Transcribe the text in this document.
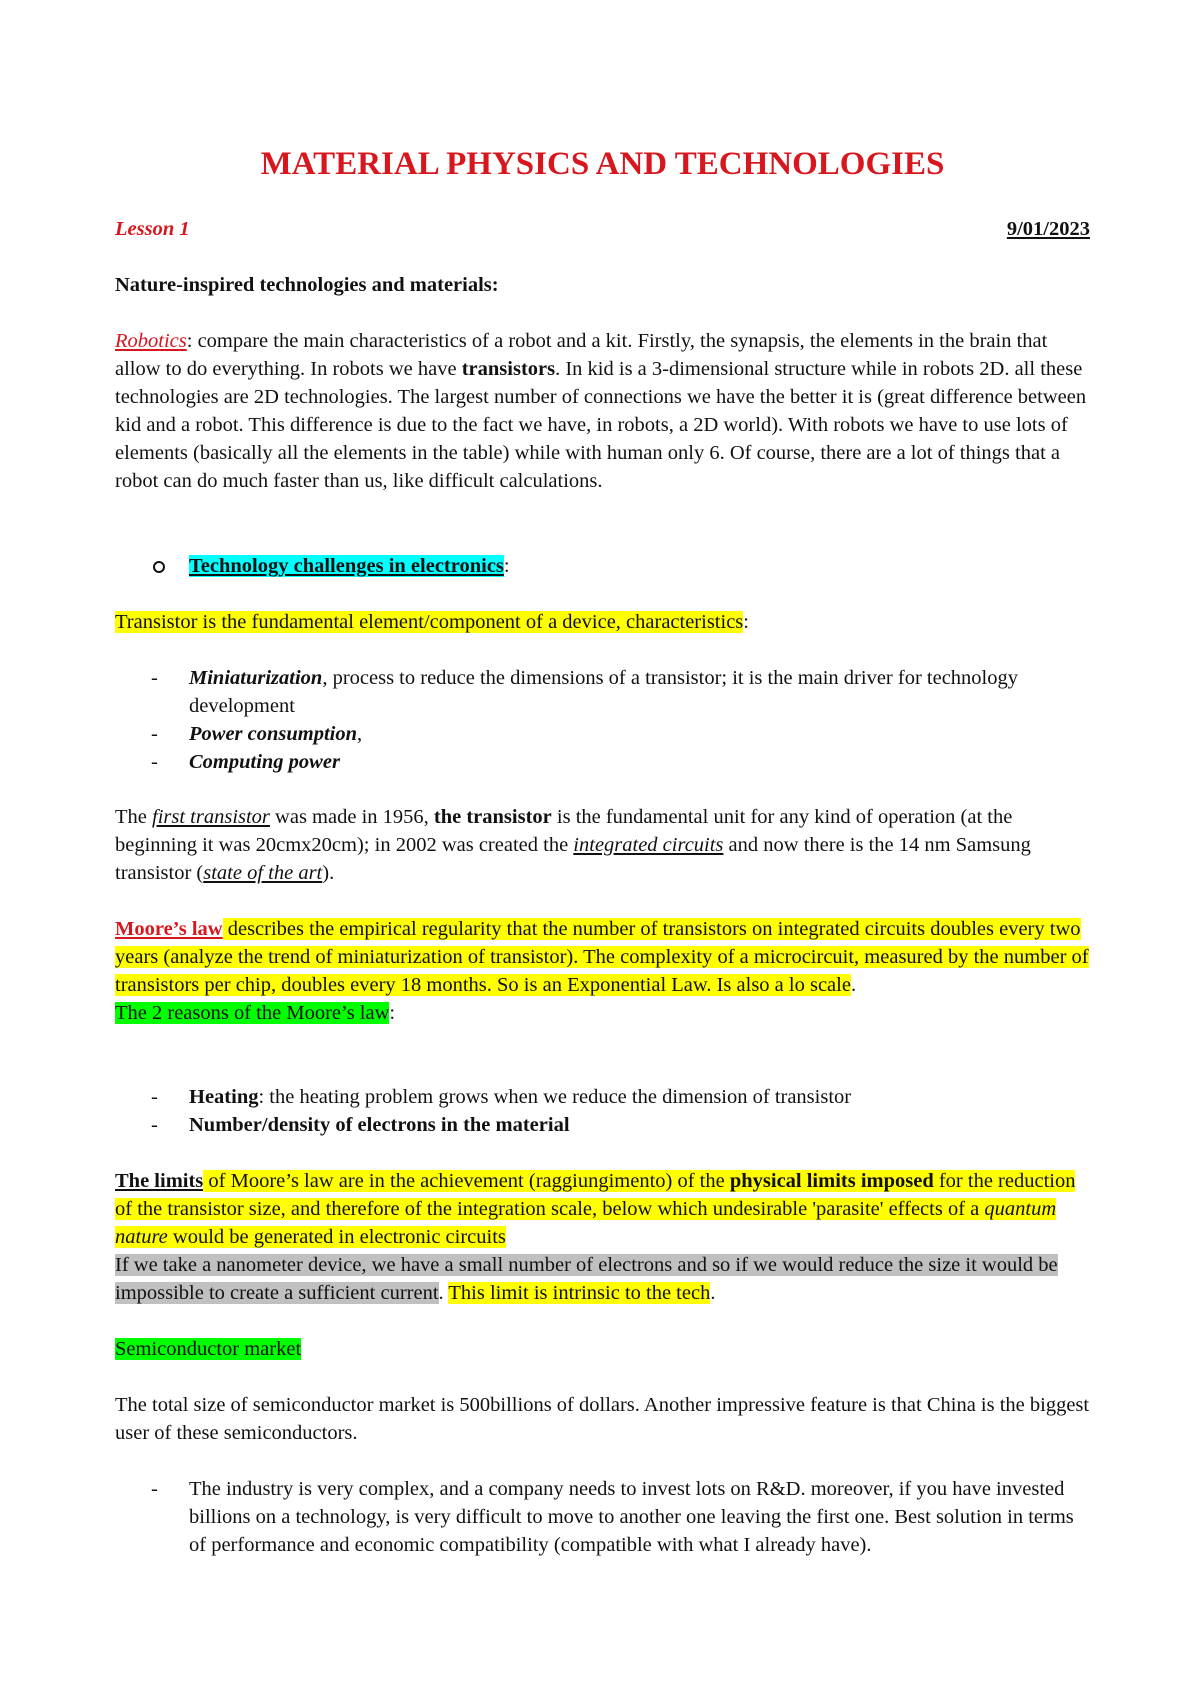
MATERIAL PHYSICS AND TECHNOLOGIES
Lesson 1	9/01/2023

Nature-inspired technologies and materials:

Robotics: compare the main characteristics of a robot and a kit. Firstly, the synapsis, the elements in the brain that allow to do everything. In robots we have transistors. In kid is a 3-dimensional structure while in robots 2D. all these technologies are 2D technologies. The largest number of connections we have the better it is (great difference between kid and a robot. This difference is due to the fact we have, in robots, a 2D world). With robots we have to use lots of elements (basically all the elements in the table) while with human only 6. Of course, there are a lot of things that a robot can do much faster than us, like difficult calculations.

Technology challenges in electronics:

Transistor is the fundamental element/component of a device, characteristics:

- Miniaturization, process to reduce the dimensions of a transistor; it is the main driver for technology development
- Power consumption,
- Computing power

The first transistor was made in 1956, the transistor is the fundamental unit for any kind of operation (at the beginning it was 20cmx20cm); in 2002 was created the integrated circuits and now there is the 14 nm Samsung transistor (state of the art).

Moore’s law describes the empirical regularity that the number of transistors on integrated circuits doubles every two years (analyze the trend of miniaturization of transistor). The complexity of a microcircuit, measured by the number of transistors per chip, doubles every 18 months. So is an Exponential Law. Is also a lo scale.
The 2 reasons of the Moore’s law:

- Heating: the heating problem grows when we reduce the dimension of transistor
- Number/density of electrons in the material

The limits of Moore’s law are in the achievement (raggiungimento) of the physical limits imposed for the reduction of the transistor size, and therefore of the integration scale, below which undesirable 'parasite' effects of a quantum nature would be generated in electronic circuits
If we take a nanometer device, we have a small number of electrons and so if we would reduce the size it would be impossible to create a sufficient current. This limit is intrinsic to the tech.

Semiconductor market

The total size of semiconductor market is 500billions of dollars. Another impressive feature is that China is the biggest user of these semiconductors.

- The industry is very complex, and a company needs to invest lots on R&D. moreover, if you have invested billions on a technology, is very difficult to move to another one leaving the first one. Best solution in terms of performance and economic compatibility (compatible with what I already have).
